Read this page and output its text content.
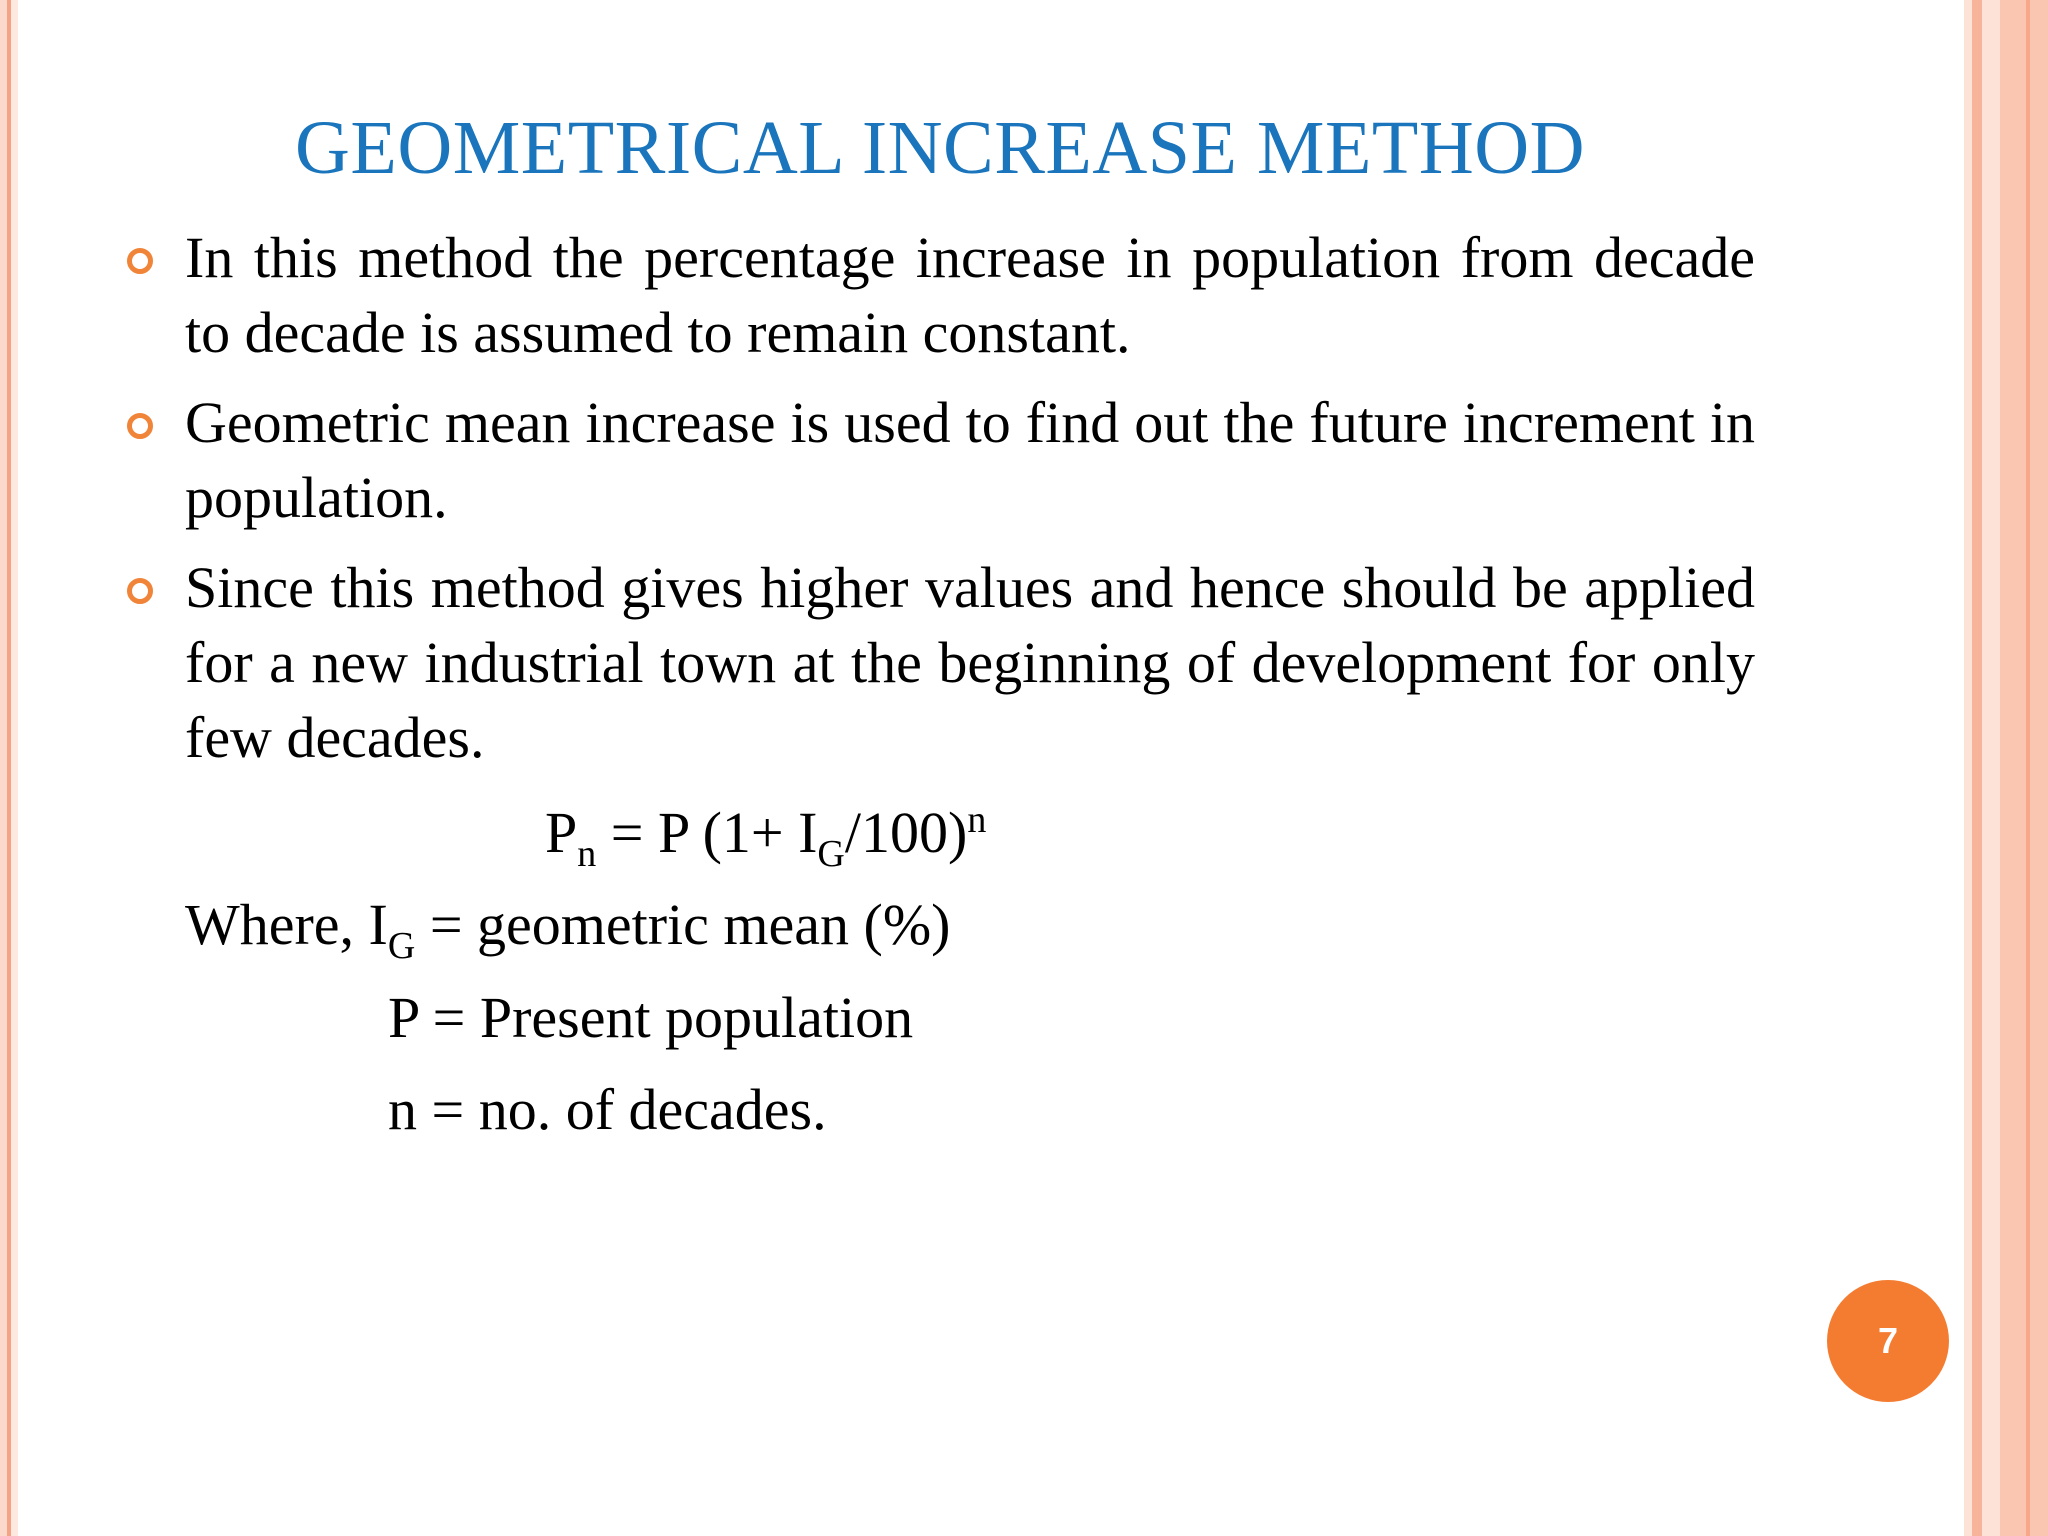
GEOMETRICAL INCREASE METHOD
In this method the percentage increase in population from decade to decade is assumed to remain constant.
Geometric mean increase is used to find out the future increment in population.
Since this method gives higher values and hence should be applied for a new industrial town at the beginning of development for only few decades.
$P_n = P$ $(1+ I_G/100)^n$
Where, $I_G$ = geometric mean (%)
P = Present population
n = no. of decades.
7
